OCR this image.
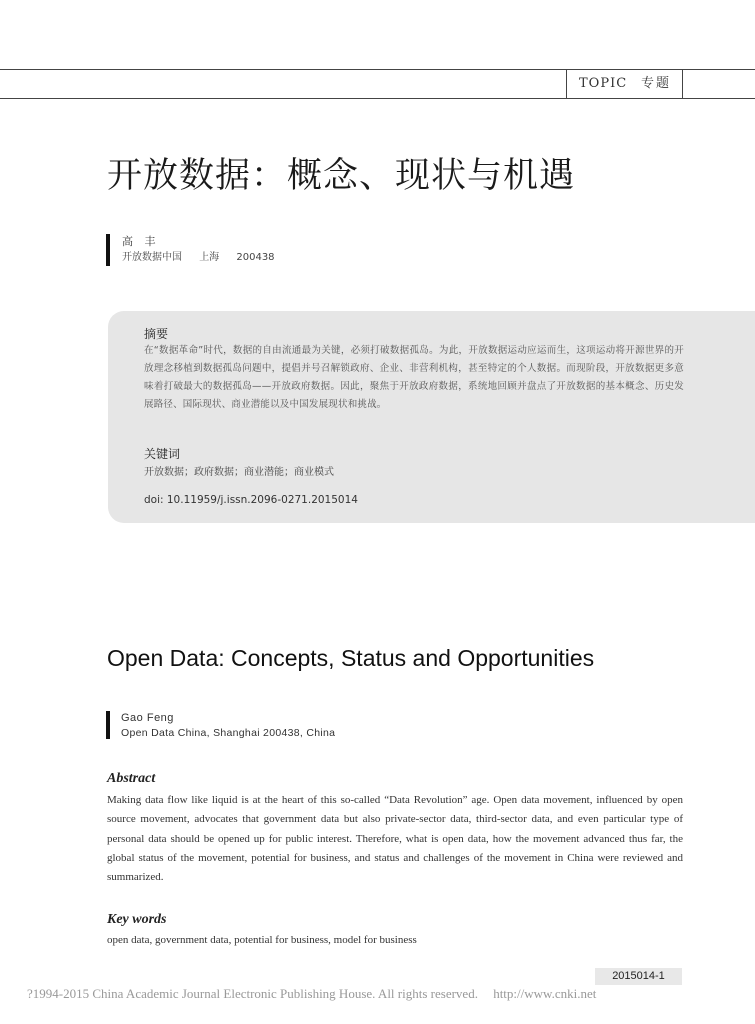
TOPIC 专题
开放数据：概念、现状与机遇
高 丰
开放数据中国 上海 200438
摘要
在“数据革命”时代，数据的自由流通最为关键，必须打破数据孤岛。为此，开放数据运动应运而生，这项运动将开源世界的开放理念移植到数据孤岛问题中，提倡并号召解锁政府、企业、非营利机构，甚至特定的个人数据。而现阶段，开放数据更多意味着打破最大的数据孤岛——开放政府数据。因此，聚焦于开放政府数据，系统地回顾并盘点了开放数据的基本概念、历史发展路径、国际现状、商业潜能以及中国发展现状和挑战。
关键词
开放数据；政府数据；商业潜能；商业模式
doi: 10.11959/j.issn.2096-0271.2015014
Open Data: Concepts, Status and Opportunities
Gao Feng
Open Data China, Shanghai 200438, China
Abstract
Making data flow like liquid is at the heart of this so-called “Data Revolution” age. Open data movement, influenced by open source movement, advocates that government data but also private-sector data, third-sector data, and even particular type of personal data should be opened up for public interest. Therefore, what is open data, how the movement advanced thus far, the global status of the movement, potential for business, and status and challenges of the movement in China were reviewed and summarized.
Key words
open data, government data, potential for business, model for business
2015014-1
?1994-2015 China Academic Journal Electronic Publishing House. All rights reserved. http://www.cnki.net
